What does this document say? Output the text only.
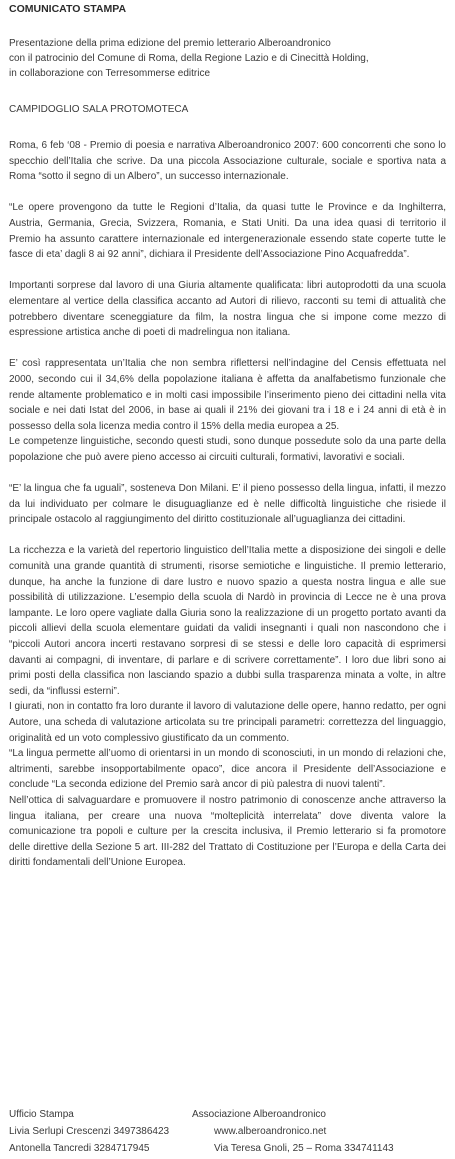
COMUNICATO STAMPA

Presentazione della prima edizione del premio letterario Alberoandronico

con il patrocinio del Comune di Roma, della Regione Lazio e di Cinecittà Holding,

in collaborazione con Terresommerse editrice

CAMPIDOGLIO SALA PROTOMOTECA

Roma, 6 feb ‘08 - Premio di poesia e narrativa Alberoandronico 2007: 600 concorrenti che sono lo specchio dell’Italia che scrive. Da una piccola Associazione culturale, sociale e sportiva nata a Roma “sotto il segno di un Albero”, un successo internazionale.

“Le opere provengono da tutte le Regioni d’Italia, da quasi tutte le Province e da Inghilterra, Austria, Germania, Grecia, Svizzera, Romania, e Stati Uniti. Da una idea quasi di territorio il Premio ha assunto carattere internazionale ed intergenerazionale essendo state coperte tutte le fasce di eta’ dagli 8 ai 92 anni”, dichiara il Presidente dell’Associazione Pino Acquafredda”.

Importanti sorprese dal lavoro di una Giuria altamente qualificata: libri autoprodotti da una scuola elementare al vertice della classifica accanto ad Autori di rilievo, racconti su temi di attualità che potrebbero diventare sceneggiature da film, la nostra lingua che si impone come mezzo di espressione artistica anche di poeti di madrelingua non italiana.

E’ così rappresentata un’Italia che non sembra riflettersi nell’indagine del Censis effettuata nel 2000, secondo cui il 34,6% della popolazione italiana è affetta da analfabetismo funzionale che rende altamente problematico e in molti casi impossibile l’inserimento pieno dei cittadini nella vita sociale e nei dati Istat del 2006, in base ai quali il 21% dei giovani tra i 18 e i 24 anni di età è in possesso della sola licenza media contro il 15% della media europea a 25.

Le competenze linguistiche, secondo questi studi, sono dunque possedute solo da una parte della popolazione che può avere pieno accesso ai circuiti culturali, formativi, lavorativi e sociali.

“E’ la lingua che fa uguali”, sosteneva Don Milani. E’ il pieno possesso della lingua, infatti, il mezzo da lui individuato per colmare le disuguaglianze ed è nelle difficoltà linguistiche che risiede il principale ostacolo al raggiungimento del diritto costituzionale all’uguaglianza dei cittadini.

La ricchezza e la varietà del repertorio linguistico dell’Italia mette a disposizione dei singoli e delle comunità una grande quantità di strumenti, risorse semiotiche e linguistiche. Il premio letterario, dunque, ha anche la funzione di dare lustro e nuovo spazio a questa nostra lingua e alle sue possibilità di utilizzazione. L’esempio della scuola di Nardò in provincia di Lecce ne è una prova lampante. Le loro opere vagliate dalla Giuria sono la realizzazione di un progetto portato avanti da piccoli allievi della scuola elementare guidati da validi insegnanti i quali non nascondono che i “piccoli Autori ancora incerti restavano sorpresi di se stessi e delle loro capacità di esprimersi davanti ai compagni, di inventare, di parlare e di scrivere correttamente”. I loro due libri sono ai primi posti della classifica non lasciando spazio a dubbi sulla trasparenza minata a volte, in altre sedi, da “influssi esterni”.

I giurati, non in contatto fra loro durante il lavoro di valutazione delle opere, hanno redatto, per ogni Autore, una scheda di valutazione articolata su tre principali parametri: correttezza del linguaggio, originalità ed un voto complessivo giustificato da un commento.

“La lingua permette all’uomo di orientarsi in un mondo di sconosciuti, in un mondo di relazioni che, altrimenti, sarebbe insopportabilmente opaco”, dice ancora il Presidente dell’Associazione e conclude “La seconda edizione del Premio sarà ancor di più palestra di nuovi talenti”.

Nell’ottica di salvaguardare e promuovere il nostro patrimonio di conoscenze anche attraverso la lingua italiana, per creare una nuova “molteplicità interrelata” dove diventa valore la comunicazione tra popoli e culture per la crescita inclusiva, il Premio letterario si fa promotore delle direttive della Sezione 5 art. III-282 del Trattato di Costituzione per l’Europa e della Carta dei diritti fondamentali dell’Unione Europea.

Ufficio Stampa
Livia Serlupi Crescenzi 3497386423
Antonella Tancredi 3284717945
Associazione Alberoandronico
www.alberoandronico.net
Via Teresa Gnoli, 25 – Roma 334741143
